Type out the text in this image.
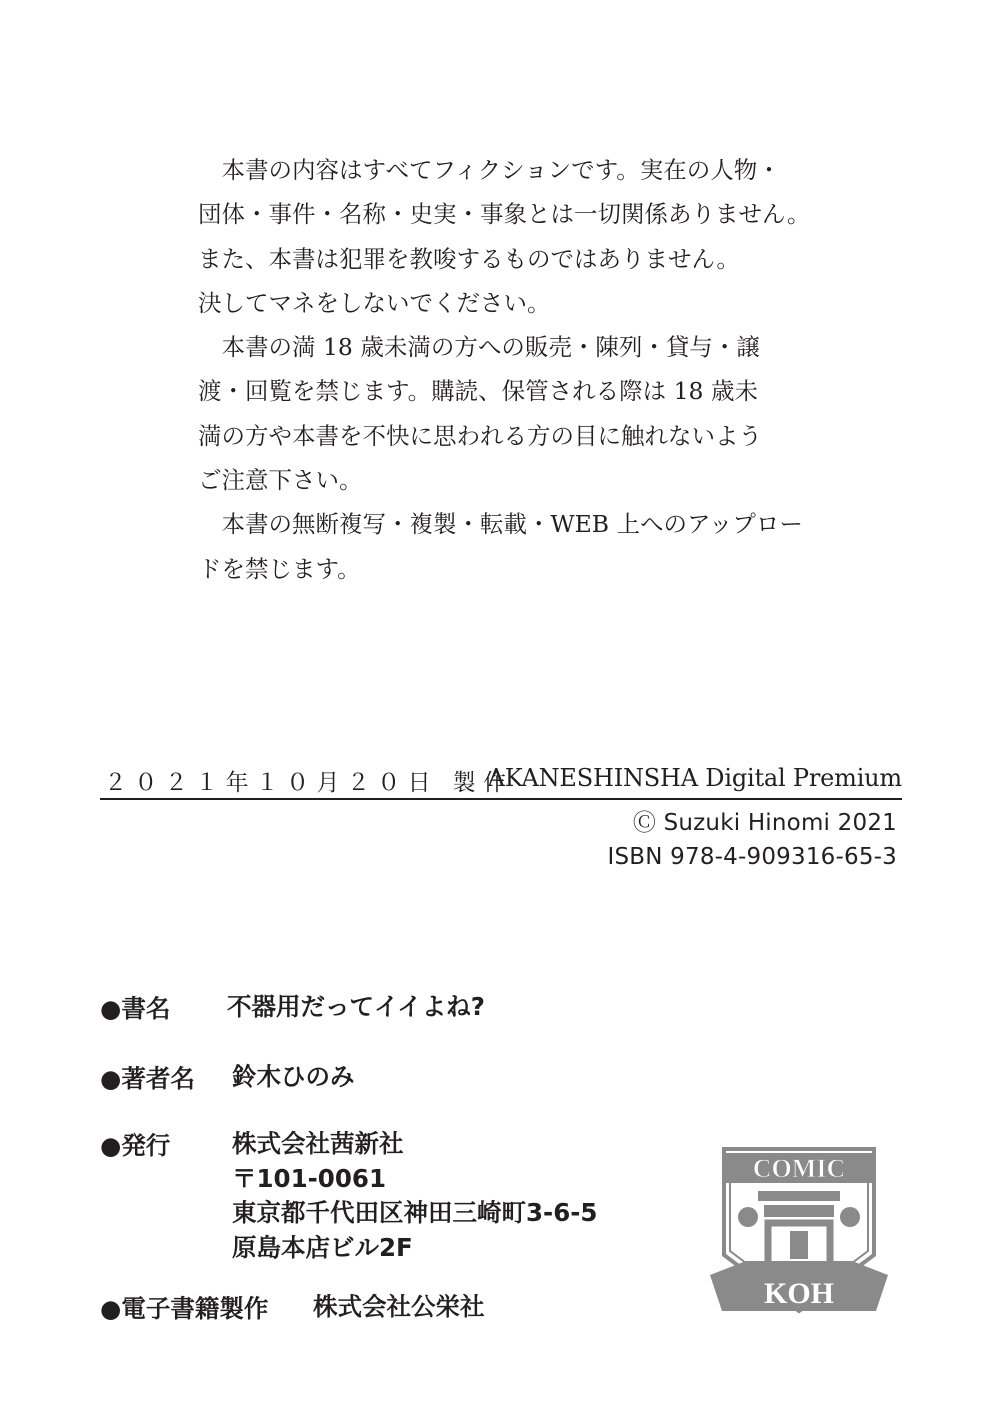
　本書の内容はすべてフィクションです。実在の人物・
団体・事件・名称・史実・事象とは一切関係ありません。
また、本書は犯罪を教唆するものではありません。
決してマネをしないでください。
　本書の満 18 歳未満の方への販売・陳列・貸与・譲
渡・回覧を禁じます。購読、保管される際は 18 歳未
満の方や本書を不快に思われる方の目に触れないよう
ご注意下さい。
　本書の無断複写・複製・転載・WEB 上へのアップロー
ドを禁じます。
２０２１年１０月２０日 製作
AKANESHINSHA Digital Premium
Ⓒ Suzuki Hinomi 2021
ISBN 978-4-909316-65-3
●書名 不器用だってイイよね?
●著者名 鈴木ひのみ
●発行	株式会社茜新社
〒101-0061
東京都千代田区神田三崎町3-6-5
原島本店ビル2F
●電子書籍製作 株式会社公栄社
COMIC
KOH
